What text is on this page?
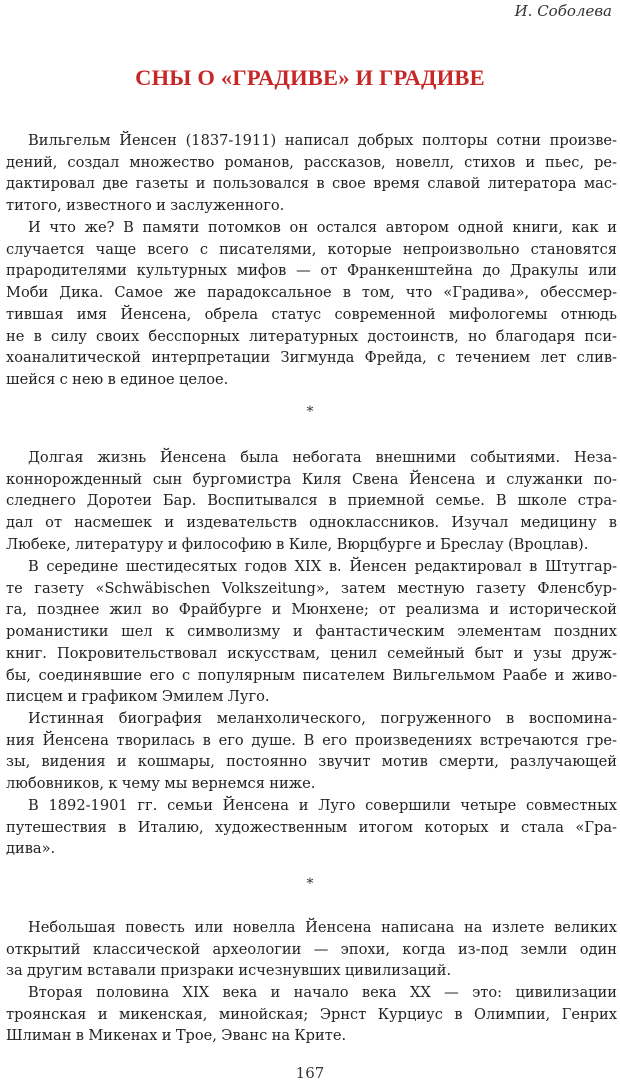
И. Соболева
СНЫ О «ГРАДИВЕ» И ГРАДИВЕ

Вильгельм Йенсен (1837-1911) написал добрых полторы сотни произве-
дений, создал множество романов, рассказов, новелл, стихов и пьес, ре-
дактировал две газеты и пользовался в свое время славой литератора мас-
титого, известного и заслуженного.

И что же? В памяти потомков он остался автором одной книги, как и
случается чаще всего с писателями, которые непроизвольно становятся
прародителями культурных мифов — от Франкенштейна до Дракулы или
Моби Дика. Самое же парадоксальное в том, что «Градива», обессмер-
тившая имя Йенсена, обрела статус современной мифологемы отнюдь
не в силу своих бесспорных литературных достоинств, но благодаря пси-
хоаналитической интерпретации Зигмунда Фрейда, с течением лет слив-
шейся с нею в единое целое.

*

Долгая жизнь Йенсена была небогата внешними событиями. Неза-
коннорожденный сын бургомистра Киля Свена Йенсена и служанки по-
следнего Доротеи Бар. Воспитывался в приемной семье. В школе стра-
дал от насмешек и издевательств одноклассников. Изучал медицину в
Любеке, литературу и философию в Киле, Вюрцбурге и Бреслау (Вроцлав).

В середине шестидесятых годов XIX в. Йенсен редактировал в Штутгар-
те газету «Schwäbischen Volkszeitung», затем местную газету Фленсбур-
га, позднее жил во Фрайбурге и Мюнхене; от реализма и исторической
романистики шел к символизму и фантастическим элементам поздних
книг. Покровительствовал искусствам, ценил семейный быт и узы друж-
бы, соединявшие его с популярным писателем Вильгельмом Раабе и живо-
писцем и графиком Эмилем Луго.

Истинная биография меланхолического, погруженного в воспомина-
ния Йенсена творилась в его душе. В его произведениях встречаются гре-
зы, видения и кошмары, постоянно звучит мотив смерти, разлучающей
любовников, к чему мы вернемся ниже.

В 1892-1901 гг. семьи Йенсена и Луго совершили четыре совместных
путешествия в Италию, художественным итогом которых и стала «Гра-
дива».

*

Небольшая повесть или новелла Йенсена написана на излете великих
открытий классической археологии — эпохи, когда из-под земли один
за другим вставали призраки исчезнувших цивилизаций.

Вторая половина XIX века и начало века XX — это: цивилизации
троянская и микенская, минойская; Эрнст Курциус в Олимпии, Генрих
Шлиман в Микенах и Трое, Эванс на Крите.

167
